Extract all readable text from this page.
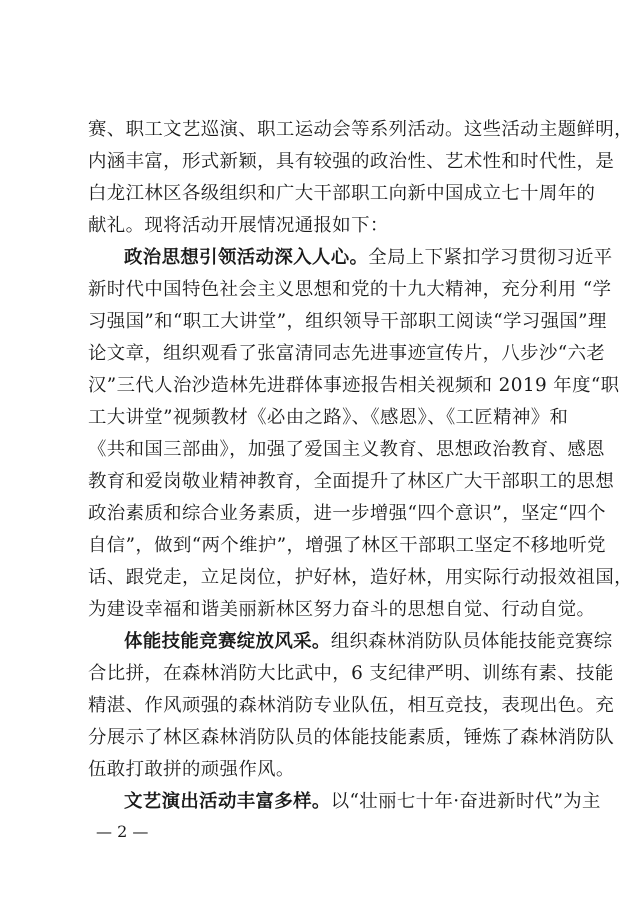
赛、职工文艺巡演、职工运动会等系列活动。这些活动主题鲜明，
内涵丰富，形式新颖，具有较强的政治性、艺术性和时代性，是
白龙江林区各级组织和广大干部职工向新中国成立七十周年的
献礼。现将活动开展情况通报如下：
政治思想引领活动深入人心。全局上下紧扣学习贯彻习近平
新时代中国特色社会主义思想和党的十九大精神，充分利用 “学
习强国”和“职工大讲堂”，组织领导干部职工阅读“学习强国”理
论文章，组织观看了张富清同志先进事迹宣传片，八步沙“六老
汉”三代人治沙造林先进群体事迹报告相关视频和 2019 年度“职
工大讲堂”视频教材《必由之路》、《感恩》、《工匠精神》和
《共和国三部曲》，加强了爱国主义教育、思想政治教育、感恩
教育和爱岗敬业精神教育，全面提升了林区广大干部职工的思想
政治素质和综合业务素质，进一步增强“四个意识”，坚定“四个
自信”，做到“两个维护”，增强了林区干部职工坚定不移地听党
话、跟党走，立足岗位，护好林，造好林，用实际行动报效祖国，
为建设幸福和谐美丽新林区努力奋斗的思想自觉、行动自觉。
体能技能竞赛绽放风采。组织森林消防队员体能技能竞赛综
合比拼，在森林消防大比武中，6 支纪律严明、训练有素、技能
精湛、作风顽强的森林消防专业队伍，相互竞技，表现出色。充
分展示了林区森林消防队员的体能技能素质，锤炼了森林消防队
伍敢打敢拼的顽强作风。
— 2 —
文艺演出活动丰富多样。以“壮丽七十年·奋进新时代”为主
